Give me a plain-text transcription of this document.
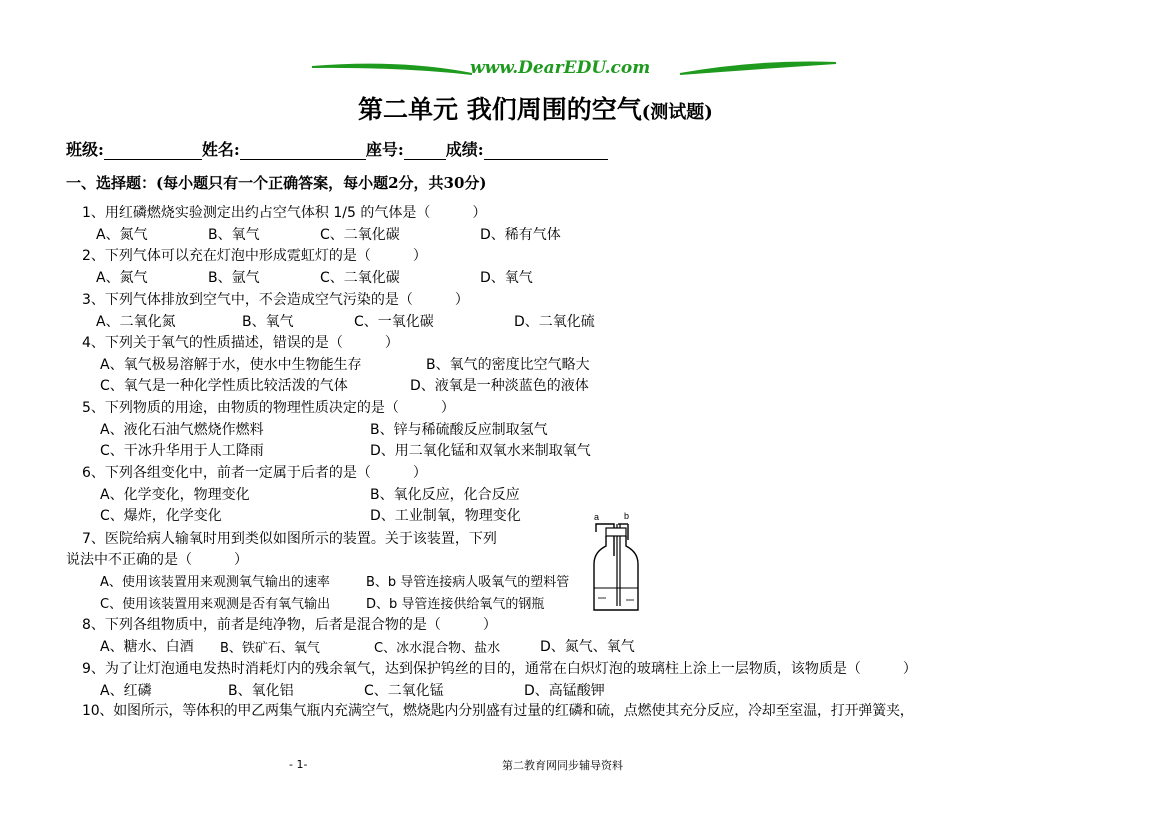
www.DearEDU.com
第二单元 我们周围的空气(测试题)
班级:	姓名:	座号:	成绩:
一、选择题：(每小题只有一个正确答案，每小题2分，共30分)
1、用红磷燃烧实验测定出约占空气体积 1/5 的气体是（　　　）
A、氮气	B、氧气	C、二氧化碳	D、稀有气体
2、下列气体可以充在灯泡中形成霓虹灯的是（　　　）
A、氮气	B、氩气	C、二氧化碳	D、氧气
3、下列气体排放到空气中，不会造成空气污染的是（　　　）
A、二氧化氮	B、氧气	C、一氧化碳	D、二氧化硫
4、下列关于氧气的性质描述，错误的是（　　　）
A、氧气极易溶解于水，使水中生物能生存	B、氧气的密度比空气略大
C、氧气是一种化学性质比较活泼的气体	D、液氧是一种淡蓝色的液体
5、下列物质的用途，由物质的物理性质决定的是（　　　）
A、液化石油气燃烧作燃料	B、锌与稀硫酸反应制取氢气
C、干冰升华用于人工降雨	D、用二氧化锰和双氧水来制取氧气
6、下列各组变化中，前者一定属于后者的是（　　　）
A、化学变化，物理变化	B、氧化反应，化合反应
C、爆炸，化学变化	D、工业制氧，物理变化
7、医院给病人输氧时用到类似如图所示的装置。关于该装置，下列
说法中不正确的是（　　　）
A、使用该装置用来观测氧气输出的速率	B、b 导管连接病人吸氧气的塑料管
C、使用该装置用来观测是否有氧气输出	D、b 导管连接供给氧气的钢瓶
a	b
8、下列各组物质中，前者是纯净物，后者是混合物的是（　　　）
A、糖水、白酒 B、铁矿石、氧气	C、冰水混合物、盐水	D、氮气、氧气
9、为了让灯泡通电发热时消耗灯内的残余氧气，达到保护钨丝的目的，通常在白炽灯泡的玻璃柱上涂上一层物质，该物质是（　　　）
A、红磷	B、氧化铝	C、二氧化锰	D、高锰酸钾
10、如图所示，等体积的甲乙两集气瓶内充满空气，燃烧匙内分别盛有过量的红磷和硫，点燃使其充分反应，冷却至室温，打开弹簧夹，
- 1-	第二教育网同步辅导资料
